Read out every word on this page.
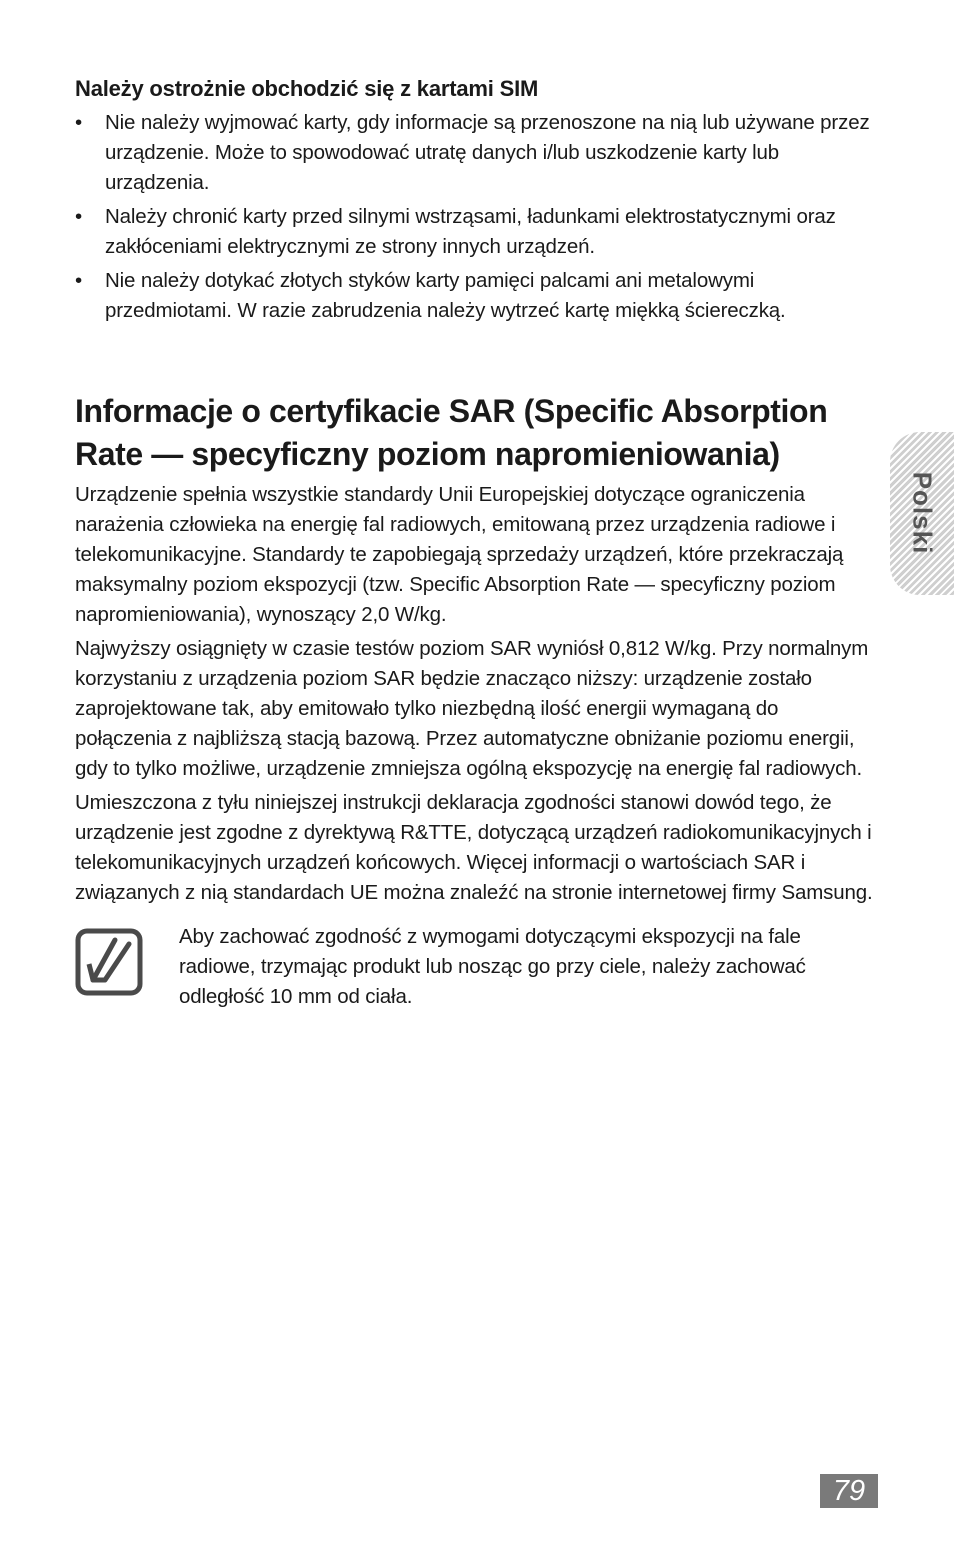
Należy ostrożnie obchodzić się z kartami SIM
• Nie należy wyjmować karty, gdy informacje są przenoszone na nią lub używane przez urządzenie. Może to spowodować utratę danych i/lub uszkodzenie karty lub urządzenia.
• Należy chronić karty przed silnymi wstrząsami, ładunkami elektrostatycznymi oraz zakłóceniami elektrycznymi ze strony innych urządzeń.
• Nie należy dotykać złotych styków karty pamięci palcami ani metalowymi przedmiotami. W razie zabrudzenia należy wytrzeć kartę miękką ściereczką.
Informacje o certyfikacie SAR (Specific Absorption Rate — specyficzny poziom napromieniowania)

Urządzenie spełnia wszystkie standardy Unii Europejskiej dotyczące ograniczenia narażenia człowieka na energię fal radiowych, emitowaną przez urządzenia radiowe i telekomunikacyjne. Standardy te zapobiegają sprzedaży urządzeń, które przekraczają maksymalny poziom ekspozycji (tzw. Specific Absorption Rate — specyficzny poziom napromieniowania), wynoszący 2,0 W/kg.

Najwyższy osiągnięty w czasie testów poziom SAR wyniósł 0,812 W/kg. Przy normalnym korzystaniu z urządzenia poziom SAR będzie znacząco niższy: urządzenie zostało zaprojektowane tak, aby emitowało tylko niezbędną ilość energii wymaganą do połączenia z najbliższą stacją bazową. Przez automatyczne obniżanie poziomu energii, gdy to tylko możliwe, urządzenie zmniejsza ogólną ekspozycję na energię fal radiowych.

Umieszczona z tyłu niniejszej instrukcji deklaracja zgodności stanowi dowód tego, że urządzenie jest zgodne z dyrektywą R&TTE, dotyczącą urządzeń radiokomunikacyjnych i telekomunikacyjnych urządzeń końcowych. Więcej informacji o wartościach SAR i związanych z nią standardach UE można znaleźć na stronie internetowej firmy Samsung.

Aby zachować zgodność z wymogami dotyczącymi ekspozycji na fale radiowe, trzymając produkt lub nosząc go przy ciele, należy zachować odległość 10 mm od ciała.
Polski
79
